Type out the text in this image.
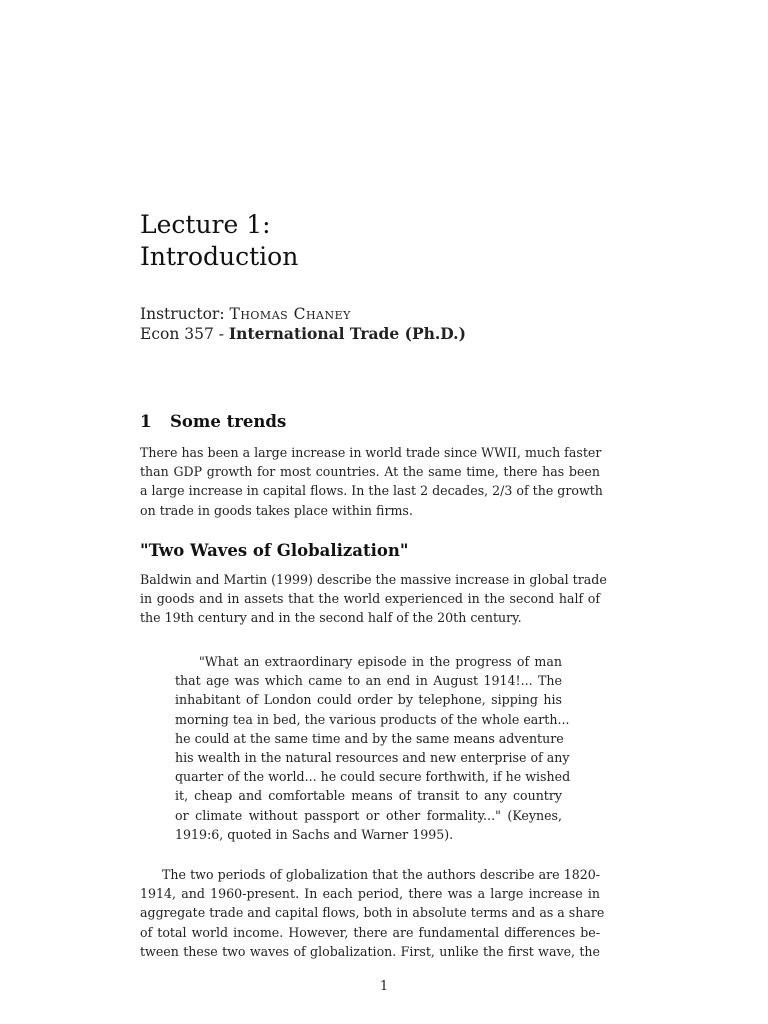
Lecture 1:
Introduction
Instructor: Thomas Chaney
Econ 357 - International Trade (Ph.D.)
1 Some trends
There has been a large increase in world trade since WWII, much faster
than GDP growth for most countries. At the same time, there has been
a large increase in capital flows. In the last 2 decades, 2/3 of the growth
on trade in goods takes place within firms.
"Two Waves of Globalization"
Baldwin and Martin (1999) describe the massive increase in global trade
in goods and in assets that the world experienced in the second half of
the 19th century and in the second half of the 20th century.
"What an extraordinary episode in the progress of man
that age was which came to an end in August 1914!... The
inhabitant of London could order by telephone, sipping his
morning tea in bed, the various products of the whole earth...
he could at the same time and by the same means adventure
his wealth in the natural resources and new enterprise of any
quarter of the world... he could secure forthwith, if he wished
it, cheap and comfortable means of transit to any country
or climate without passport or other formality..." (Keynes,
1919:6, quoted in Sachs and Warner 1995).
The two periods of globalization that the authors describe are 1820-
1914, and 1960-present. In each period, there was a large increase in
aggregate trade and capital flows, both in absolute terms and as a share
of total world income. However, there are fundamental differences be-
tween these two waves of globalization. First, unlike the first wave, the
1
